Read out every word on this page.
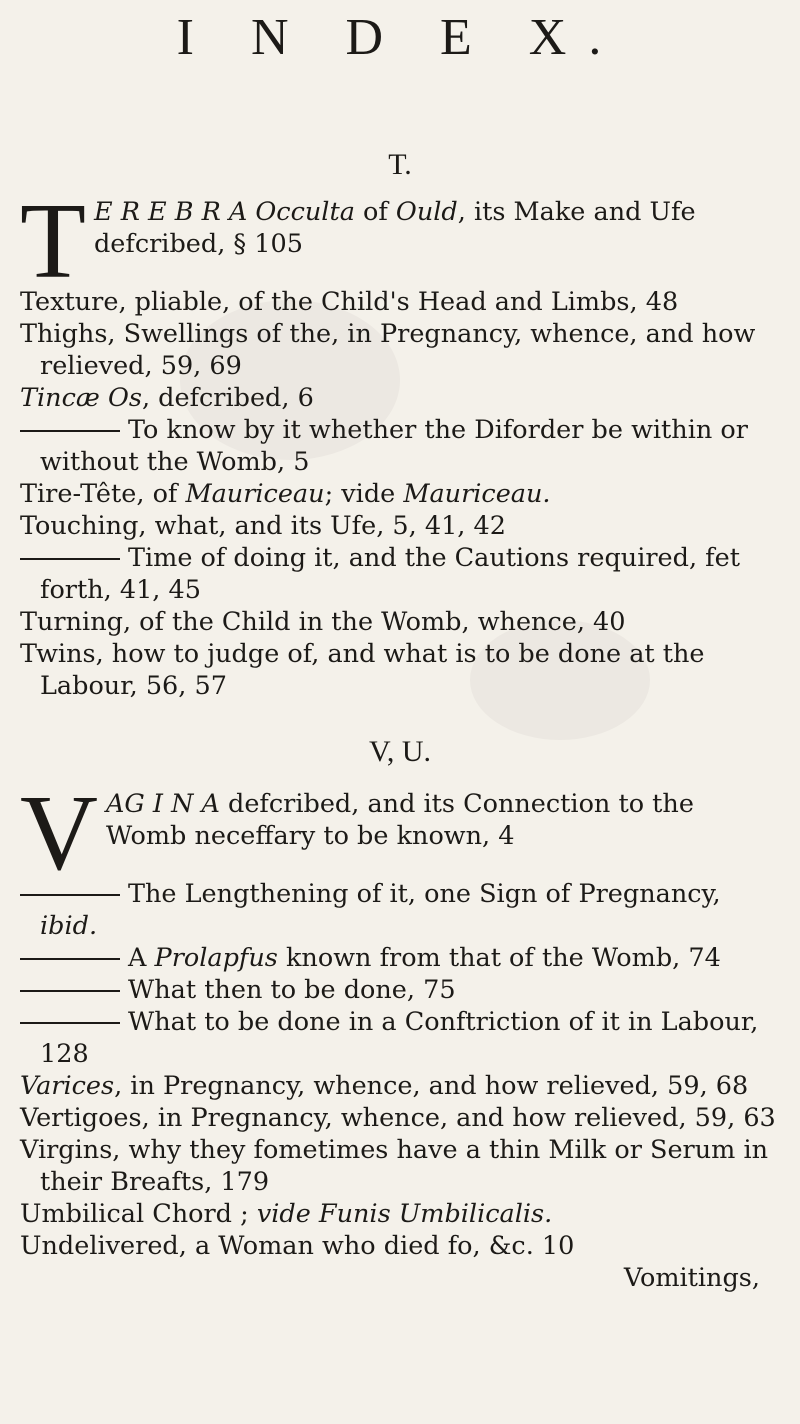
I N D E X.
T.

T E R E B R A Occulta of Ould, its Make and Ufe defcribed, § 105

Texture, pliable, of the Child's Head and Limbs, 48

Thighs, Swellings of the, in Pregnancy, whence, and how relieved, 59, 69

Tincæ Os, defcribed, 6

To know by it whether the Diforder be within or without the Womb, 5

Tire-Tête, of Mauriceau; vide Mauriceau.

Touching, what, and its Ufe, 5, 41, 42

Time of doing it, and the Cautions required, fet forth, 41, 45

Turning, of the Child in the Womb, whence, 40

Twins, how to judge of, and what is to be done at the Labour, 56, 57

V, U.

VAG I N A defcribed, and its Connection to the Womb neceffary to be known, 4

The Lengthening of it, one Sign of Pregnancy, ibid.

A Prolapfus known from that of the Womb, 74

What then to be done, 75

What to be done in a Conftriction of it in Labour, 128

Varices, in Pregnancy, whence, and how relieved, 59, 68

Vertigoes, in Pregnancy, whence, and how relieved, 59, 63

Virgins, why they fometimes have a thin Milk or Serum in their Breafts, 179

Umbilical Chord ; vide Funis Umbilicalis.

Undelivered, a Woman who died fo, &c. 10

Vomitings,
